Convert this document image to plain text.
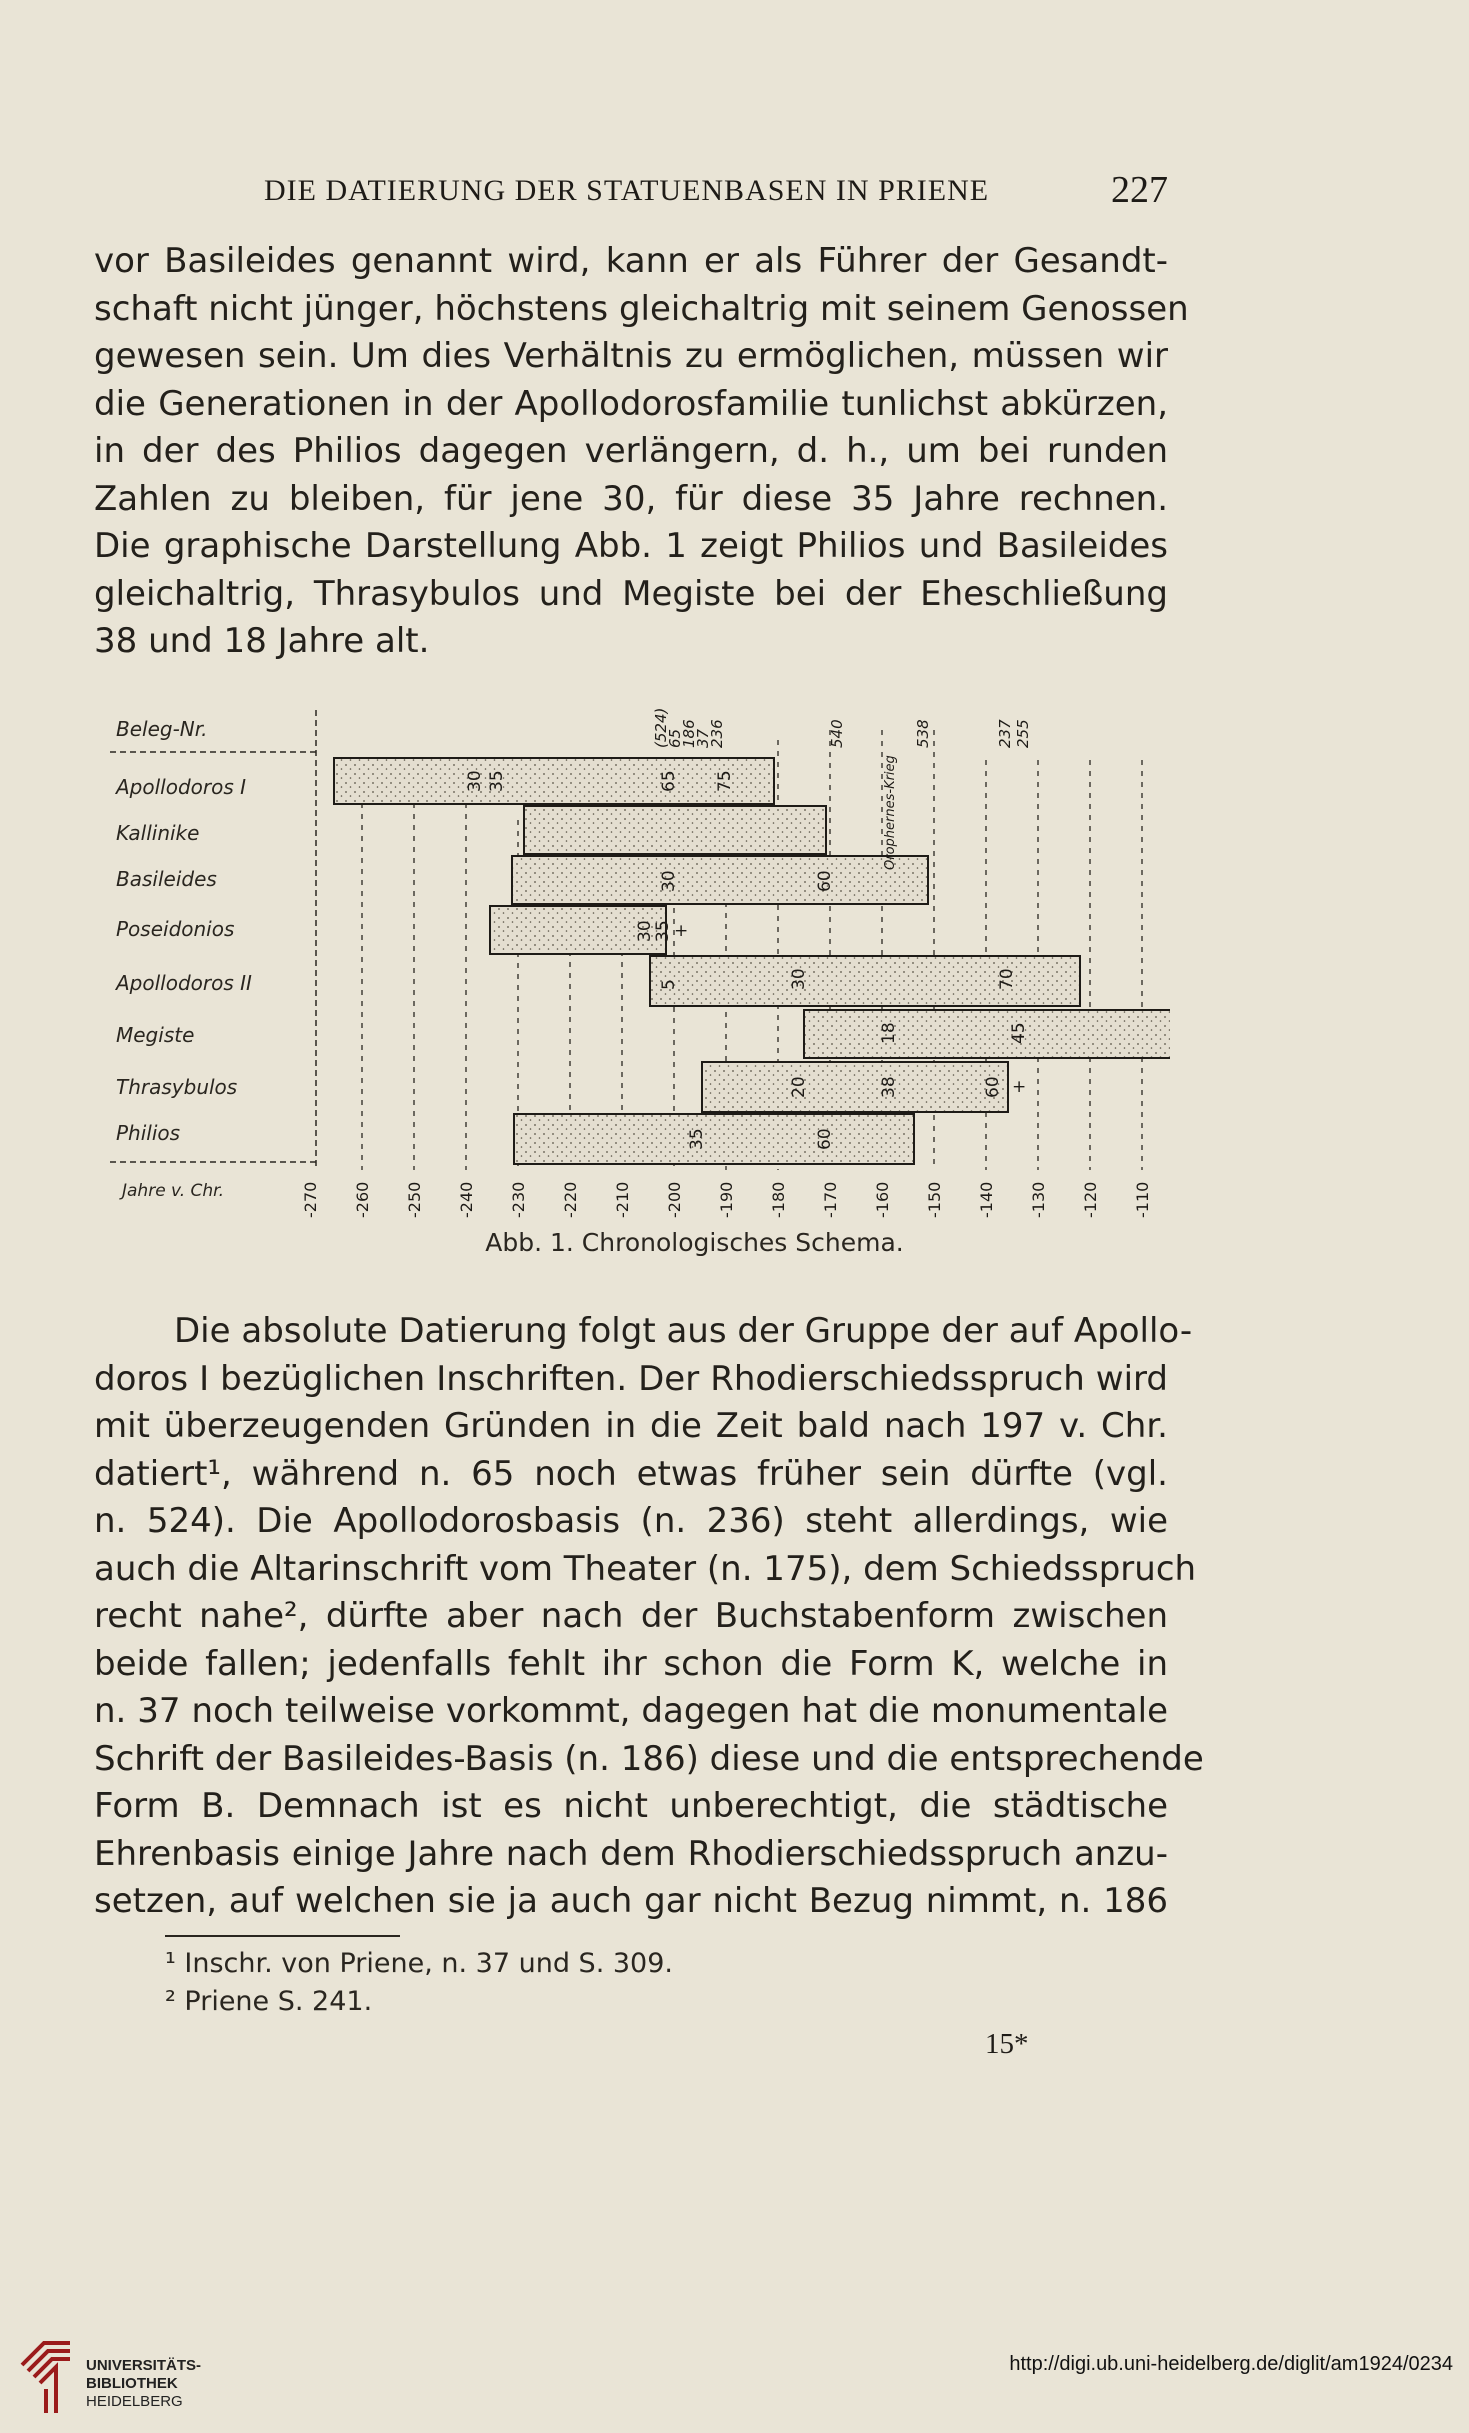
DIE DATIERUNG DER STATUENBASEN IN PRIENE	227
vor Basileides genannt wird, kann er als Führer der Gesandt-
schaft nicht jünger, höchstens gleichaltrig mit seinem Genossen
gewesen sein. Um dies Verhältnis zu ermöglichen, müssen wir
die Generationen in der Apollodorosfamilie tunlichst abkürzen,
in der des Philios dagegen verlängern, d. h., um bei runden
Zahlen zu bleiben, für jene 30, für diese 35 Jahre rechnen.
Die graphische Darstellung Abb. 1 zeigt Philios und Basileides
gleichaltrig, Thrasybulos und Megiste bei der Eheschließung
38 und 18 Jahre alt.
Beleg-Nr.
Apollodoros I
Kallinike
Basileides
Poseidonios
Apollodoros II
Megiste
Thrasybulos
Philios
Jahre v. Chr.
30 35	65 75
30	60
30
35 +
5	30	70
18	45
20	38	60 +
35	60
(524)
65
186
37
236	540	538	237 255
Orophernes-Krieg
-270 -260 -250 -240 -230 -220 -210 -200 -190 -180 -170 -160 -150 -140 -130 -120 -110
Abb. 1. Chronologisches Schema.
Die absolute Datierung folgt aus der Gruppe der auf Apollo-
doros I bezüglichen Inschriften. Der Rhodierschiedsspruch wird
mit überzeugenden Gründen in die Zeit bald nach 197 v. Chr.
datiert¹, während n. 65 noch etwas früher sein dürfte (vgl.
n. 524). Die Apollodorosbasis (n. 236) steht allerdings, wie
auch die Altarinschrift vom Theater (n. 175), dem Schiedsspruch
recht nahe², dürfte aber nach der Buchstabenform zwischen
beide fallen; jedenfalls fehlt ihr schon die Form K, welche in
n. 37 noch teilweise vorkommt, dagegen hat die monumentale
Schrift der Basileides-Basis (n. 186) diese und die entsprechende
Form B. Demnach ist es nicht unberechtigt, die städtische
Ehrenbasis einige Jahre nach dem Rhodierschiedsspruch anzu-
setzen, auf welchen sie ja auch gar nicht Bezug nimmt, n. 186
¹ Inschr. von Priene, n. 37 und S. 309.
² Priene S. 241.
15*
UNIVERSITÄTS-
BIBLIOTHEK
HEIDELBERG
http://digi.ub.uni-heidelberg.de/diglit/am1924/0234
